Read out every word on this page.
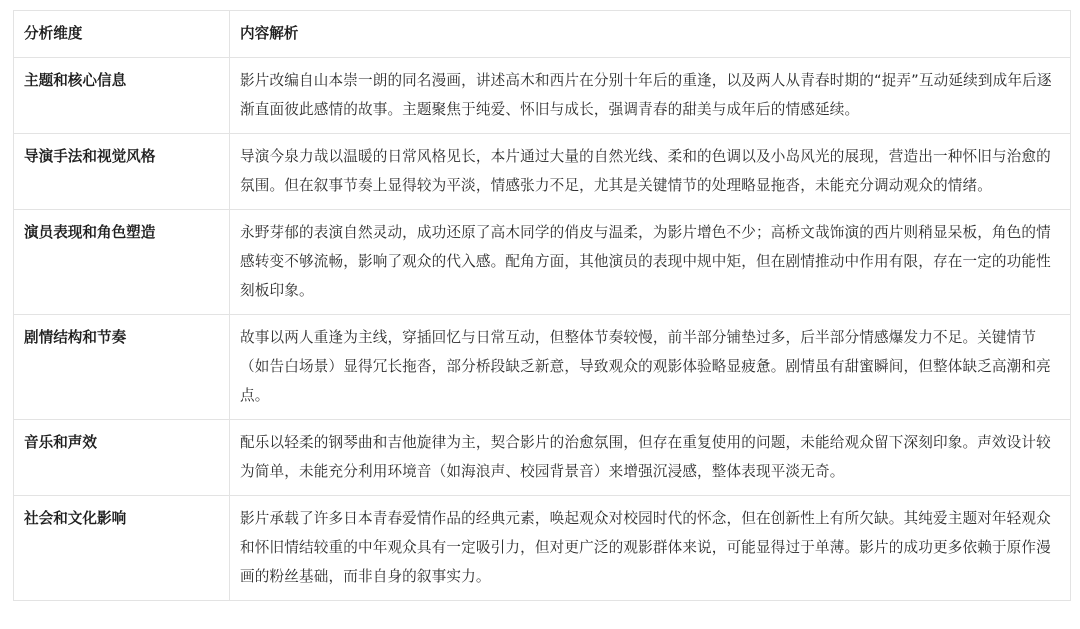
分析维度	内容解析
主题和核心信息	影片改编自山本崇一朗的同名漫画，讲述高木和西片在分别十年后的重逢，以及两人从青春时期的“捉弄”互动延续到成年后逐渐直面彼此感情的故事。主题聚焦于纯爱、怀旧与成长，强调青春的甜美与成年后的情感延续。
导演手法和视觉风格	导演今泉力哉以温暖的日常风格见长，本片通过大量的自然光线、柔和的色调以及小岛风光的展现，营造出一种怀旧与治愈的氛围。但在叙事节奏上显得较为平淡，情感张力不足，尤其是关键情节的处理略显拖沓，未能充分调动观众的情绪。
演员表现和角色塑造	永野芽郁的表演自然灵动，成功还原了高木同学的俏皮与温柔，为影片增色不少；高桥文哉饰演的西片则稍显呆板，角色的情感转变不够流畅，影响了观众的代入感。配角方面，其他演员的表现中规中矩，但在剧情推动中作用有限，存在一定的功能性刻板印象。
剧情结构和节奏	故事以两人重逢为主线，穿插回忆与日常互动，但整体节奏较慢，前半部分铺垫过多，后半部分情感爆发力不足。关键情节（如告白场景）显得冗长拖沓，部分桥段缺乏新意，导致观众的观影体验略显疲惫。剧情虽有甜蜜瞬间，但整体缺乏高潮和亮点。
音乐和声效	配乐以轻柔的钢琴曲和吉他旋律为主，契合影片的治愈氛围，但存在重复使用的问题，未能给观众留下深刻印象。声效设计较为简单，未能充分利用环境音（如海浪声、校园背景音）来增强沉浸感，整体表现平淡无奇。
社会和文化影响	影片承载了许多日本青春爱情作品的经典元素，唤起观众对校园时代的怀念，但在创新性上有所欠缺。其纯爱主题对年轻观众和怀旧情结较重的中年观众具有一定吸引力，但对更广泛的观影群体来说，可能显得过于单薄。影片的成功更多依赖于原作漫画的粉丝基础，而非自身的叙事实力。
